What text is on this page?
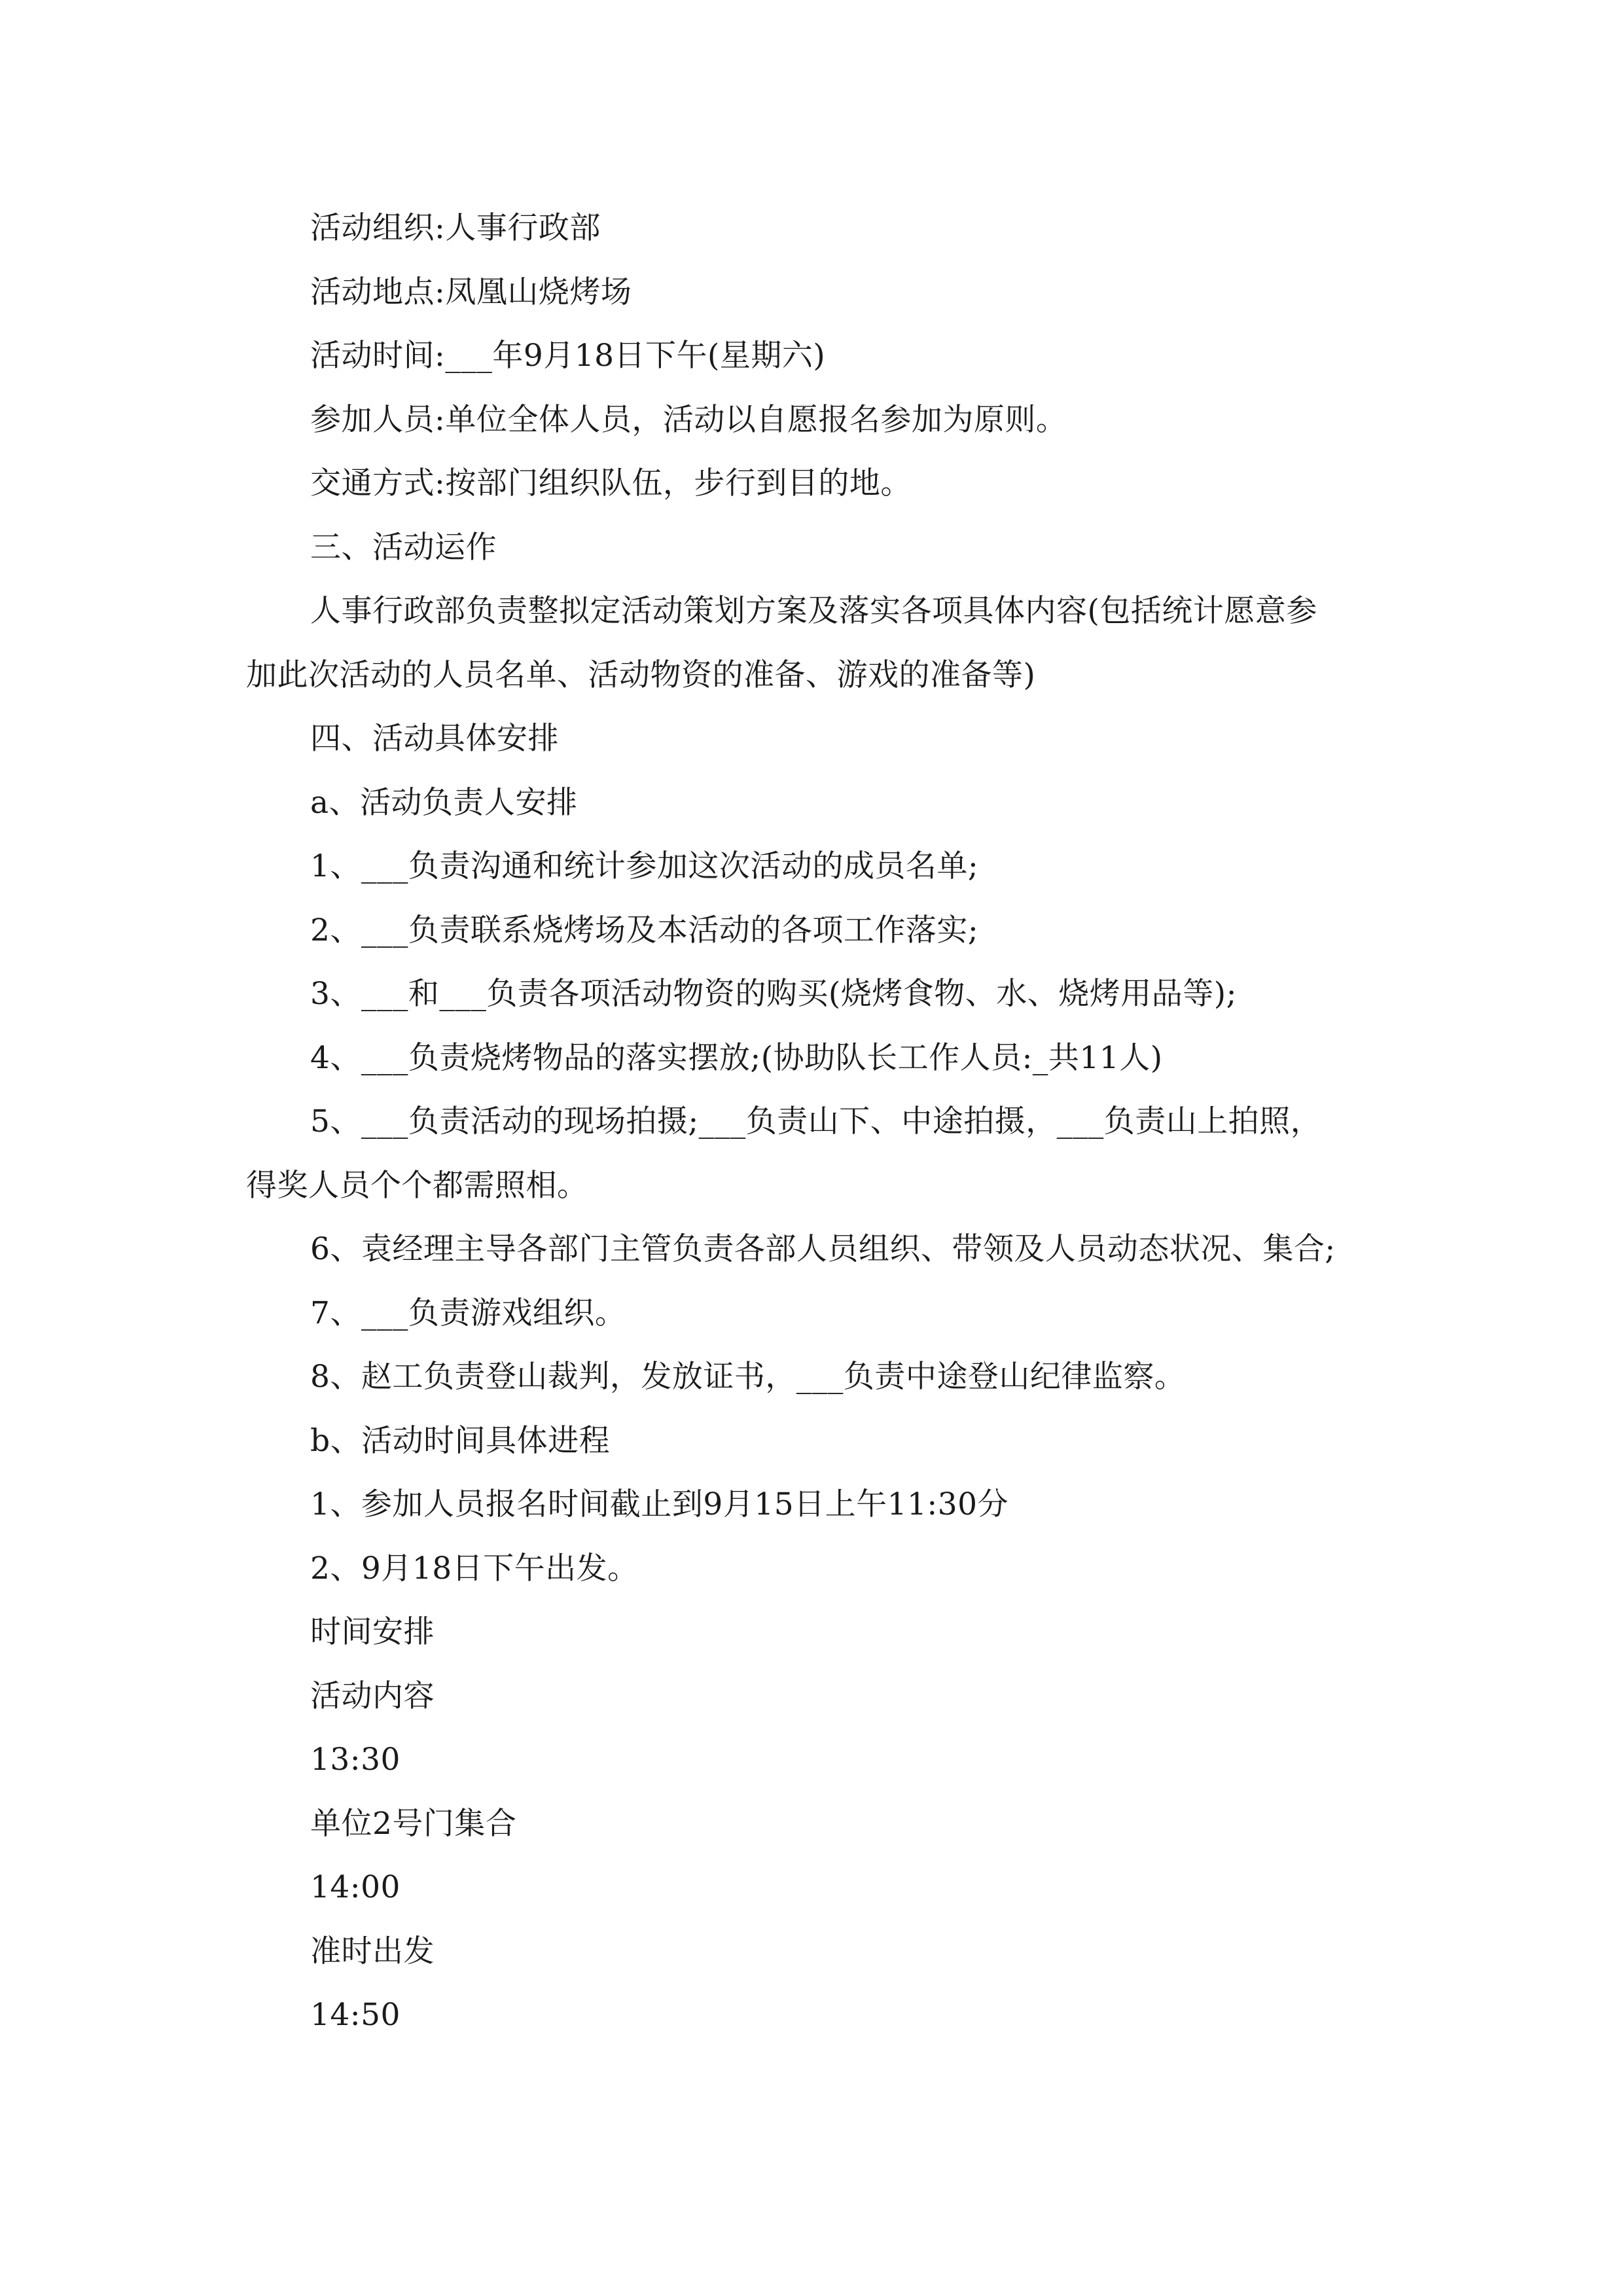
活动组织:人事行政部
活动地点:凤凰山烧烤场
活动时间:___年9月18日下午(星期六)
参加人员:单位全体人员，活动以自愿报名参加为原则。
交通方式:按部门组织队伍，步行到目的地。
三、活动运作
人事行政部负责整拟定活动策划方案及落实各项具体内容(包括统计愿意参
加此次活动的人员名单、活动物资的准备、游戏的准备等)
四、活动具体安排
a、活动负责人安排
1、___负责沟通和统计参加这次活动的成员名单;
2、___负责联系烧烤场及本活动的各项工作落实;
3、___和___负责各项活动物资的购买(烧烤食物、水、烧烤用品等);
4、___负责烧烤物品的落实摆放;(协助队长工作人员:_共11人)
5、___负责活动的现场拍摄;___负责山下、中途拍摄，___负责山上拍照，
得奖人员个个都需照相。
6、袁经理主导各部门主管负责各部人员组织、带领及人员动态状况、集合;
7、___负责游戏组织。
8、赵工负责登山裁判，发放证书，___负责中途登山纪律监察。
b、活动时间具体进程
1、参加人员报名时间截止到9月15日上午11:30分
2、9月18日下午出发。
时间安排
活动内容
13:30
单位2号门集合
14:00
准时出发
14:50
